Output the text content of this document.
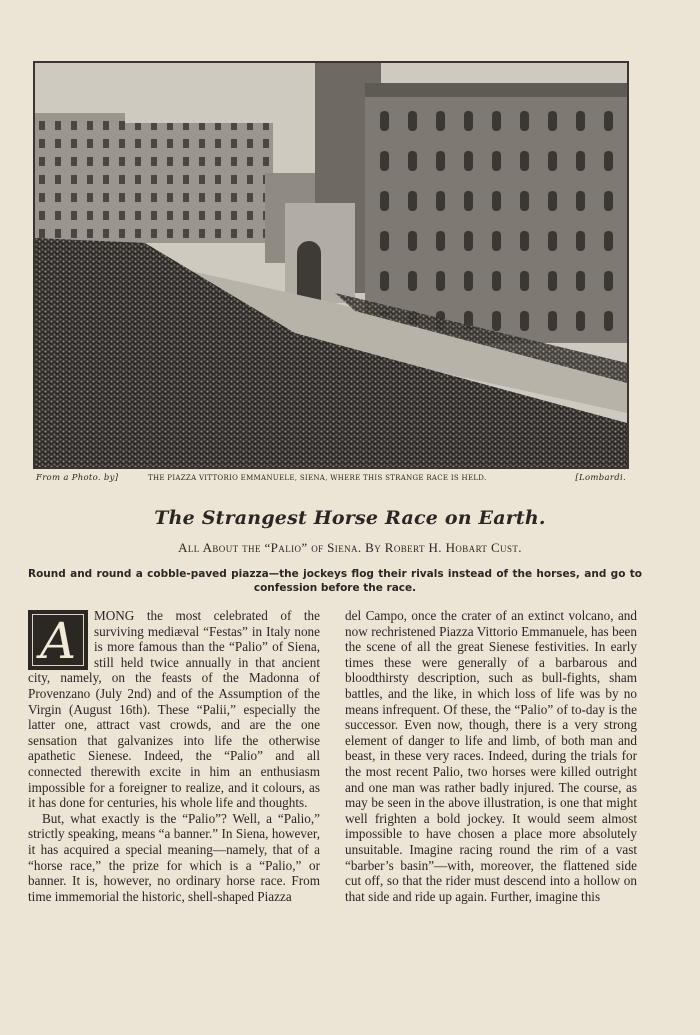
From a Photo. by]	THE PIAZZA VITTORIO EMMANUELE, SIENA, WHERE THIS STRANGE RACE IS HELD.	[Lombardi.
The Strangest Horse Race on Earth.
All About the “Palio” of Siena. By Robert H. Hobart Cust.
Round and round a cobble-paved piazza—the jockeys flog their rivals instead of the horses, and go to confession before the race.
A	MONG the most celebrated of the surviving mediæval “Festas” in Italy none is more famous than the “Palio” of Siena, still held twice annually in that ancient city, namely, on the feasts of the Madonna of Provenzano (July 2nd) and of the Assumption of the Virgin (August 16th). These “Palii,” especially the latter one, attract vast crowds, and are the one sensation that galvanizes into life the otherwise apathetic Sienese. Indeed, the “Palio” and all connected therewith excite in him an enthusiasm impossible for a foreigner to realize, and it colours, as it has done for centuries, his whole life and thoughts.

But, what exactly is the “Palio”? Well, a “Palio,” strictly speaking, means “a banner.” In Siena, however, it has acquired a special meaning—namely, that of a “horse race,” the prize for which is a “Palio,” or banner. It is, however, no ordinary horse race. From time immemorial the historic, shell-shaped Piazza

del Campo, once the crater of an extinct volcano, and now rechristened Piazza Vittorio Emmanuele, has been the scene of all the great Sienese festivities. In early times these were generally of a barbarous and bloodthirsty description, such as bull-fights, sham battles, and the like, in which loss of life was by no means infrequent. Of these, the “Palio” of to-day is the successor. Even now, though, there is a very strong element of danger to life and limb, of both man and beast, in these very races. Indeed, during the trials for the most recent Palio, two horses were killed outright and one man was rather badly injured. The course, as may be seen in the above illustration, is one that might well frighten a bold jockey. It would seem almost impossible to have chosen a place more absolutely unsuitable. Imagine racing round the rim of a vast “barber’s basin”—with, moreover, the flattened side cut off, so that the rider must descend into a hollow on that side and ride up again. Further, imagine this
